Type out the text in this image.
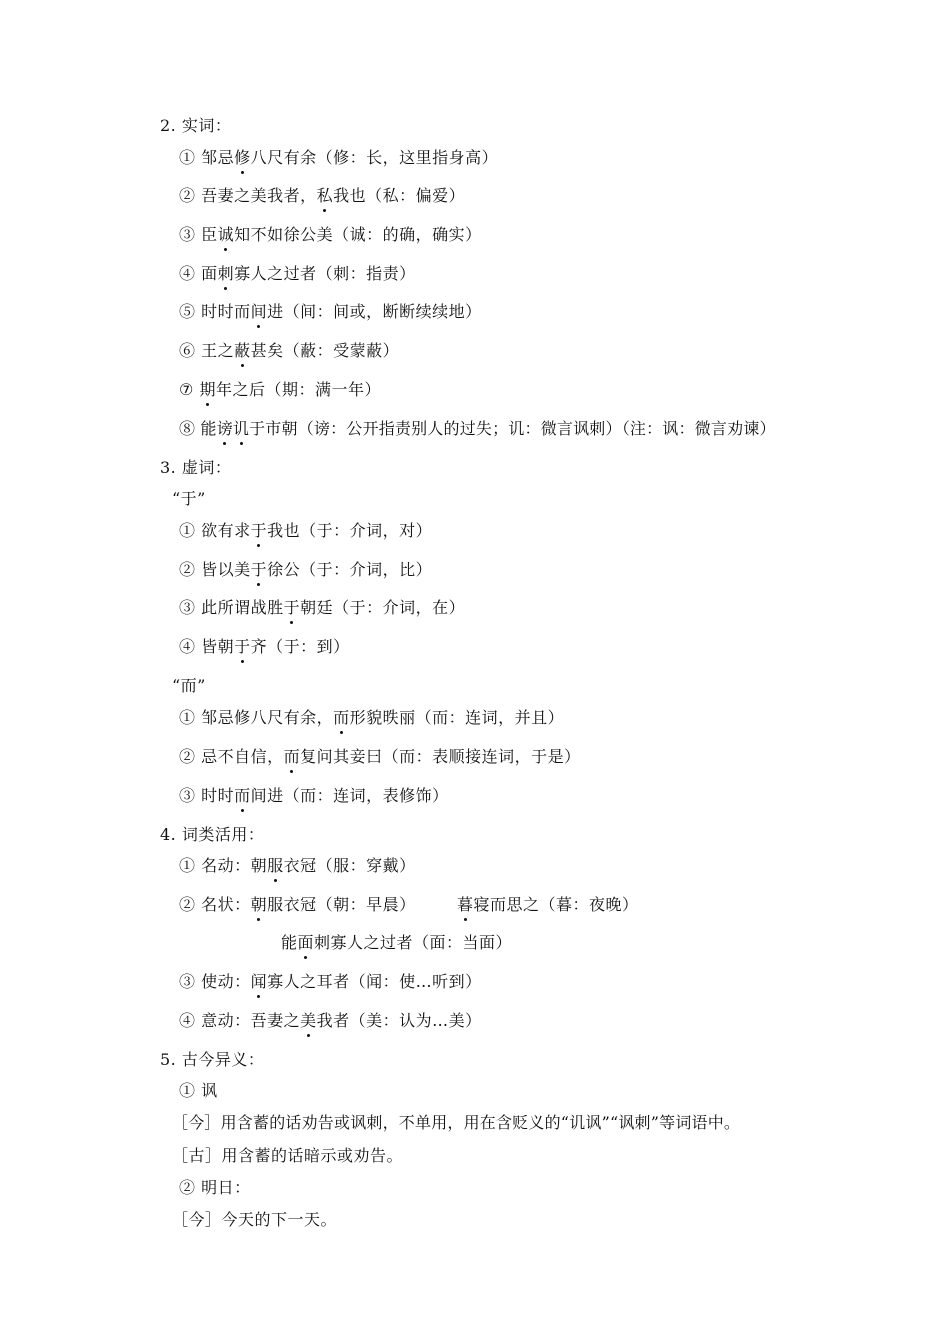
2. 实词：
① 邹忌修八尺有余（修：长，这里指身高）
② 吾妻之美我者，私我也（私：偏爱）
③ 臣诚知不如徐公美（诚：的确，确实）
④ 面刺寡人之过者（刺：指责）
⑤ 时时而间进（间：间或，断断续续地）
⑥ 王之蔽甚矣（蔽：受蒙蔽）
⑦ 期年之后（期：满一年）
⑧ 能谤讥于市朝（谤：公开指责别人的过失；讥：微言讽刺）（注：讽：微言劝谏）
3. 虚词：
“于”
① 欲有求于我也（于：介词，对）
② 皆以美于徐公（于：介词，比）
③ 此所谓战胜于朝廷（于：介词，在）
④ 皆朝于齐（于：到）
“而”
① 邹忌修八尺有余，而形貌昳丽（而：连词，并且）
② 忌不自信，而复问其妾曰（而：表顺接连词，于是）
③ 时时而间进（而：连词，表修饰）
4. 词类活用：
① 名动：朝服衣冠（服：穿戴）
② 名状：朝服衣冠（朝：早晨）	暮寝而思之（暮：夜晚）
能面刺寡人之过者（面：当面）
③ 使动：闻寡人之耳者（闻：使…听到）
④ 意动：吾妻之美我者（美：认为…美）
5. 古今异义：
① 讽
［今］用含蓄的话劝告或讽刺，不单用，用在含贬义的“讥讽”“讽刺”等词语中。
［古］用含蓄的话暗示或劝告。
② 明日：
［今］今天的下一天。
